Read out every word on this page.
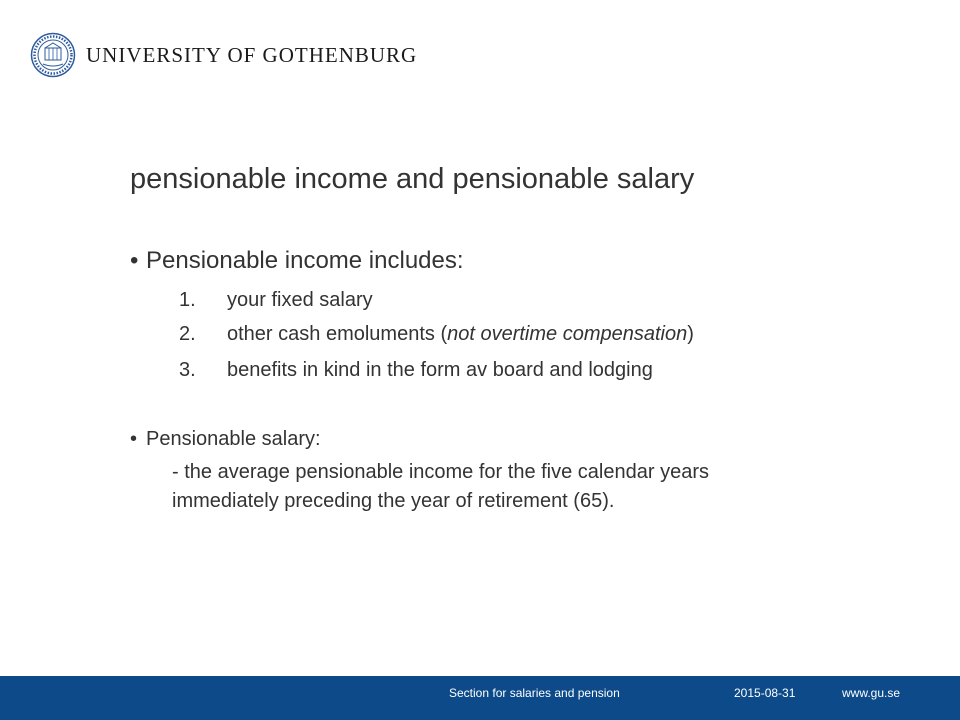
UNIVERSITY OF GOTHENBURG
pensionable income and pensionable salary
• Pensionable income includes:
1. your fixed salary
2. other cash emoluments (not overtime compensation)
3. benefits in kind in the form av board and lodging
• Pensionable salary:
- the average pensionable income for the five calendar years immediately preceding the year of retirement (65).
Section for salaries and pension	2015-08-31	www.gu.se
